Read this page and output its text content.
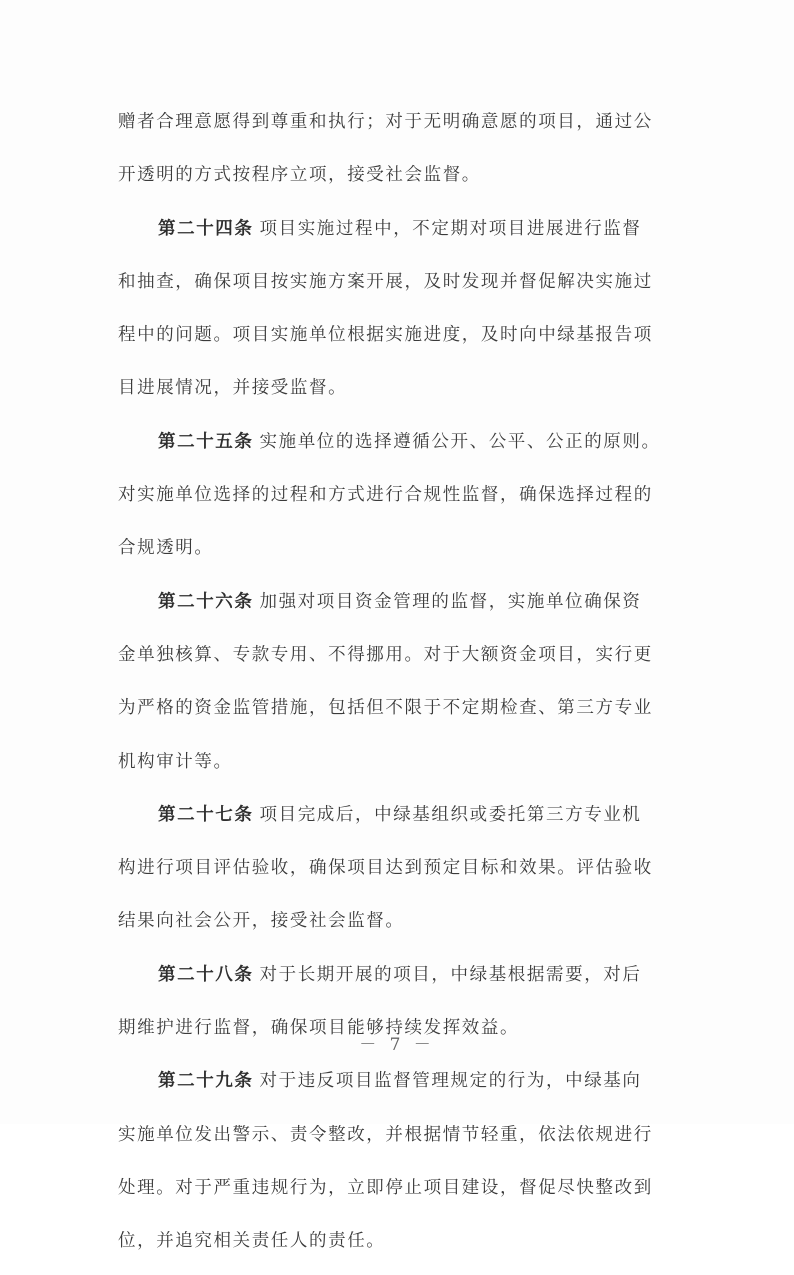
赠者合理意愿得到尊重和执行；对于无明确意愿的项目，通过公
开透明的方式按程序立项，接受社会监督。
第二十四条 项目实施过程中，不定期对项目进展进行监督
和抽查，确保项目按实施方案开展，及时发现并督促解决实施过
程中的问题。项目实施单位根据实施进度，及时向中绿基报告项
目进展情况，并接受监督。
第二十五条 实施单位的选择遵循公开、公平、公正的原则。
对实施单位选择的过程和方式进行合规性监督，确保选择过程的
合规透明。
第二十六条 加强对项目资金管理的监督，实施单位确保资
金单独核算、专款专用、不得挪用。对于大额资金项目，实行更
为严格的资金监管措施，包括但不限于不定期检查、第三方专业
机构审计等。
第二十七条 项目完成后，中绿基组织或委托第三方专业机
构进行项目评估验收，确保项目达到预定目标和效果。评估验收
结果向社会公开，接受社会监督。
第二十八条 对于长期开展的项目，中绿基根据需要，对后
期维护进行监督，确保项目能够持续发挥效益。
第二十九条 对于违反项目监督管理规定的行为，中绿基向
实施单位发出警示、责令整改，并根据情节轻重，依法依规进行
处理。对于严重违规行为，立即停止项目建设，督促尽快整改到
位，并追究相关责任人的责任。
－ 7 －
